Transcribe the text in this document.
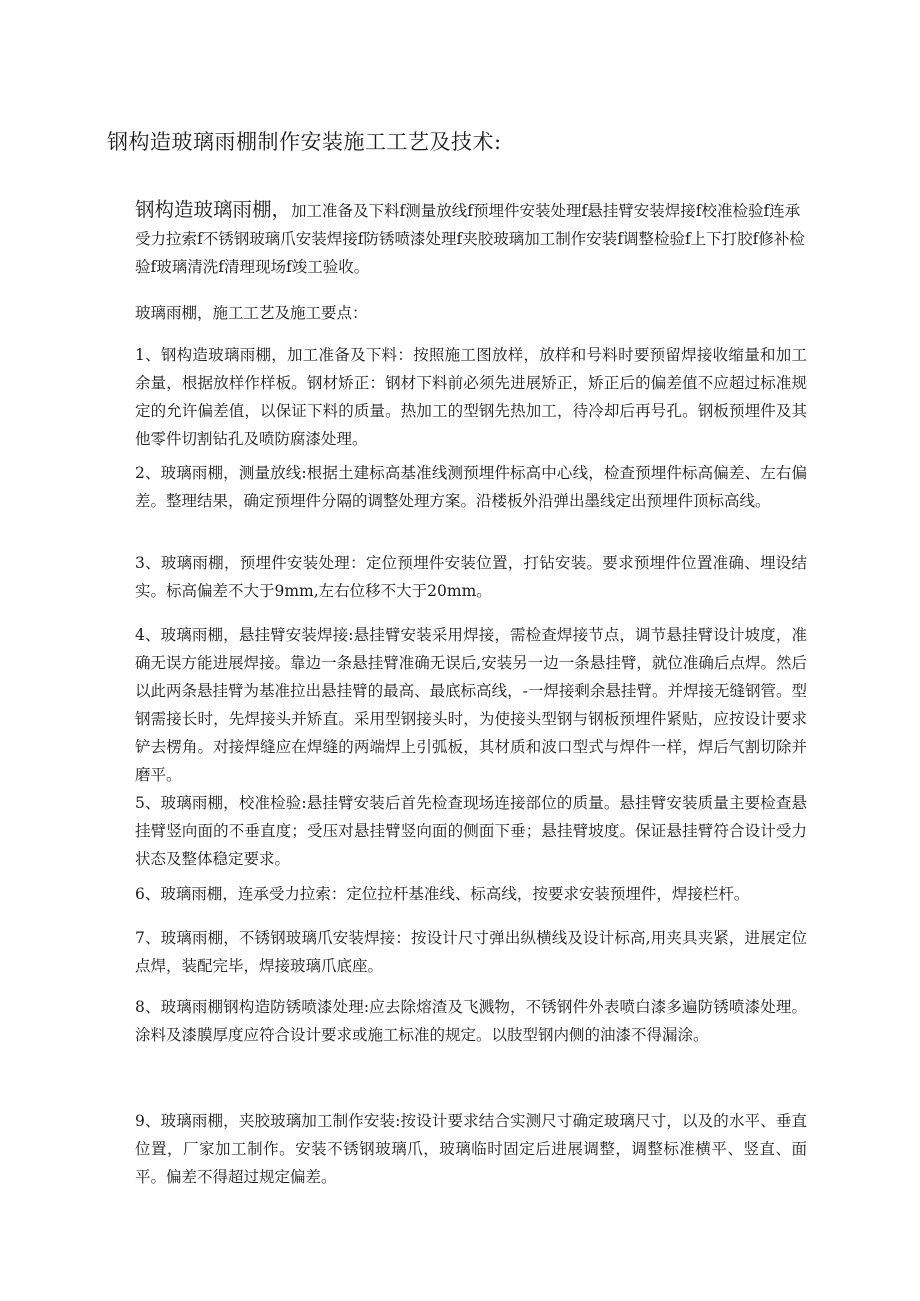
钢构造玻璃雨棚制作安装施工工艺及技术:
钢构造玻璃雨棚，加工准备及下料f测量放线f预埋件安装处理f悬挂臂安装焊接f校准检验f连承受力拉索f不锈钢玻璃爪安装焊接f防锈喷漆处理f夹胶玻璃加工制作安装f调整检验f上下打胶f修补检验f玻璃清洗f清理现场f竣工验收。
玻璃雨棚，施工工艺及施工要点：
1、钢构造玻璃雨棚，加工准备及下料：按照施工图放样，放样和号料时要预留焊接收缩量和加工余量，根据放样作样板。钢材矫正：钢材下料前必须先进展矫正，矫正后的偏差值不应超过标准规定的允许偏差值，以保证下料的质量。热加工的型钢先热加工，待冷却后再号孔。钢板预埋件及其他零件切割钻孔及喷防腐漆处理。
2、玻璃雨棚，测量放线:根据土建标高基准线测预埋件标高中心线，检查预埋件标高偏差、左右偏差。整理结果，确定预埋件分隔的调整处理方案。沿楼板外沿弹出墨线定出预埋件顶标高线。
3、玻璃雨棚，预埋件安装处理：定位预埋件安装位置，打钻安装。要求预埋件位置准确、埋设结实。标高偏差不大于9mm,左右位移不大于20mm。
4、玻璃雨棚，悬挂臂安装焊接:悬挂臂安装采用焊接，需检查焊接节点，调节悬挂臂设计坡度，准确无误方能进展焊接。靠边一条悬挂臂准确无误后,安装另一边一条悬挂臂，就位准确后点焊。然后以此两条悬挂臂为基准拉出悬挂臂的最高、最底标高线，-一焊接剩余悬挂臂。并焊接无缝钢管。型钢需接长时，先焊接头并矫直。采用型钢接头时，为使接头型钢与钢板预埋件紧贴，应按设计要求铲去楞角。对接焊缝应在焊缝的两端焊上引弧板，其材质和波口型式与焊件一样，焊后气割切除并磨平。
5、玻璃雨棚，校准检验:悬挂臂安装后首先检查现场连接部位的质量。悬挂臂安装质量主要检查悬挂臂竖向面的不垂直度；受压对悬挂臂竖向面的侧面下垂；悬挂臂坡度。保证悬挂臂符合设计受力状态及整体稳定要求。
6、玻璃雨棚，连承受力拉索：定位拉杆基准线、标高线，按要求安装预埋件，焊接栏杆。
7、玻璃雨棚，不锈钢玻璃爪安装焊接：按设计尺寸弹出纵横线及设计标高,用夹具夹紧，进展定位点焊，装配完毕，焊接玻璃爪底座。
8、玻璃雨棚钢构造防锈喷漆处理:应去除熔渣及飞溅物，不锈钢件外表喷白漆多遍防锈喷漆处理。涂料及漆膜厚度应符合设计要求或施工标准的规定。以肢型钢内侧的油漆不得漏涂。
9、玻璃雨棚，夹胶玻璃加工制作安装:按设计要求结合实测尺寸确定玻璃尺寸，以及的水平、垂直位置，厂家加工制作。安装不锈钢玻璃爪，玻璃临时固定后进展调整，调整标准横平、竖直、面平。偏差不得超过规定偏差。
